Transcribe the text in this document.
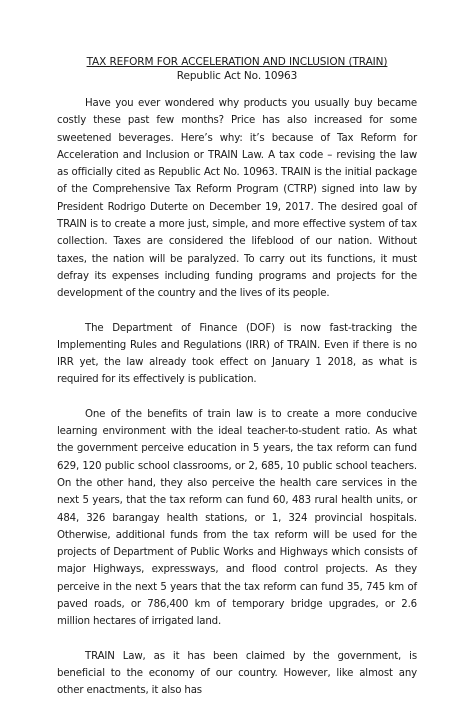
TAX REFORM FOR ACCELERATION AND INCLUSION (TRAIN)
Republic Act No. 10963

Have you ever wondered why products you usually buy became costly these past few months? Price has also increased for some sweetened beverages. Here’s why: it’s because of Tax Reform for Acceleration and Inclusion or TRAIN Law. A tax code – revising the law as officially cited as Republic Act No. 10963. TRAIN is the initial package of the Comprehensive Tax Reform Program (CTRP) signed into law by President Rodrigo Duterte on December 19, 2017. The desired goal of TRAIN is to create a more just, simple, and more effective system of tax collection. Taxes are considered the lifeblood of our nation. Without taxes, the nation will be paralyzed. To carry out its functions, it must defray its expenses including funding programs and projects for the development of the country and the lives of its people.

The Department of Finance (DOF) is now fast-tracking the Implementing Rules and Regulations (IRR) of TRAIN. Even if there is no IRR yet, the law already took effect on January 1 2018, as what is required for its effectively is publication.

One of the benefits of train law is to create a more conducive learning environment with the ideal teacher-to-student ratio. As what the government perceive education in 5 years, the tax reform can fund 629, 120 public school classrooms, or 2, 685, 10 public school teachers. On the other hand, they also perceive the health care services in the next 5 years, that the tax reform can fund 60, 483 rural health units, or 484, 326 barangay health stations, or 1, 324 provincial hospitals. Otherwise, additional funds from the tax reform will be used for the projects of Department of Public Works and Highways which consists of major Highways, expressways, and flood control projects. As they perceive in the next 5 years that the tax reform can fund 35, 745 km of paved roads, or 786,400 km of temporary bridge upgrades, or 2.6 million hectares of irrigated land.

TRAIN Law, as it has been claimed by the government, is beneficial to the economy of our country. However, like almost any other enactments, it also has
